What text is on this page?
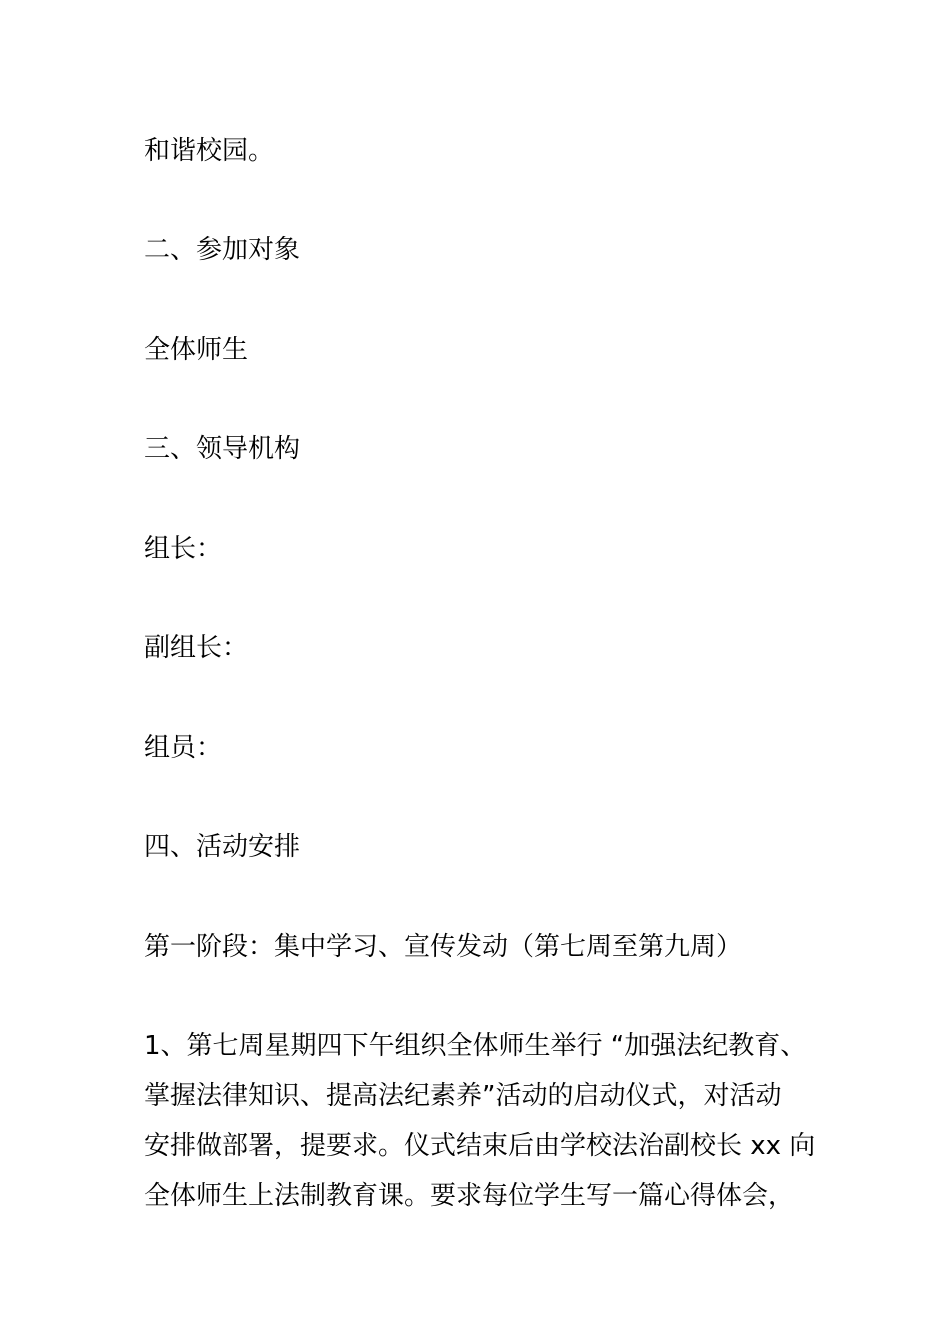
和谐校园。

二、参加对象

全体师生

三、领导机构

组长：

副组长：

组员：

四、活动安排

第一阶段：集中学习、宣传发动（第七周至第九周）

1、第七周星期四下午组织全体师生举行 “加强法纪教育、
掌握法律知识、提高法纪素养”活动的启动仪式，对活动
安排做部署，提要求。仪式结束后由学校法治副校长 xx 向
全体师生上法制教育课。要求每位学生写一篇心得体会，
